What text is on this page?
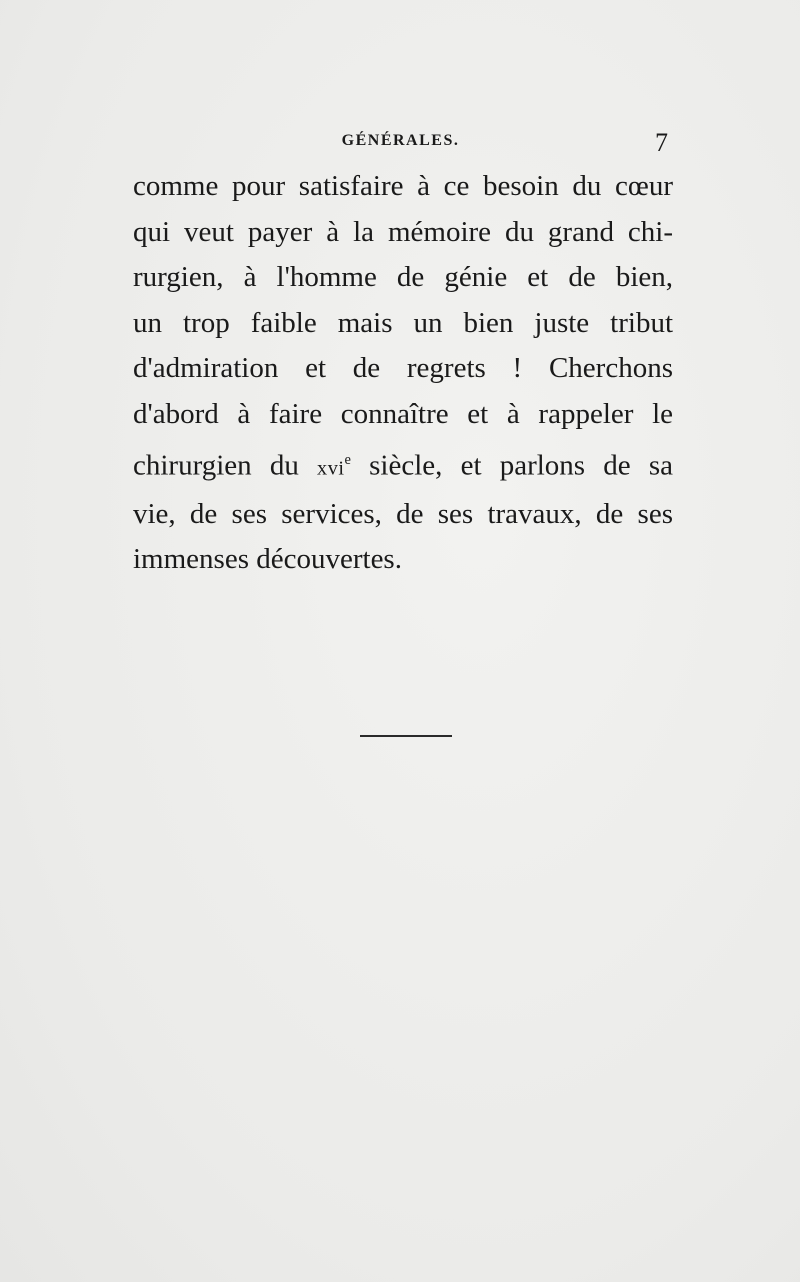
GÉNÉRALES.	7
comme pour satisfaire à ce besoin du cœur
qui veut payer à la mémoire du grand chi-
rurgien, à l'homme de génie et de bien,
un trop faible mais un bien juste tribut
d'admiration et de regrets ! Cherchons
d'abord à faire connaître et à rappeler le
chirurgien du xvi$^e$ siècle, et parlons de sa
vie, de ses services, de ses travaux, de ses
immenses découvertes.
